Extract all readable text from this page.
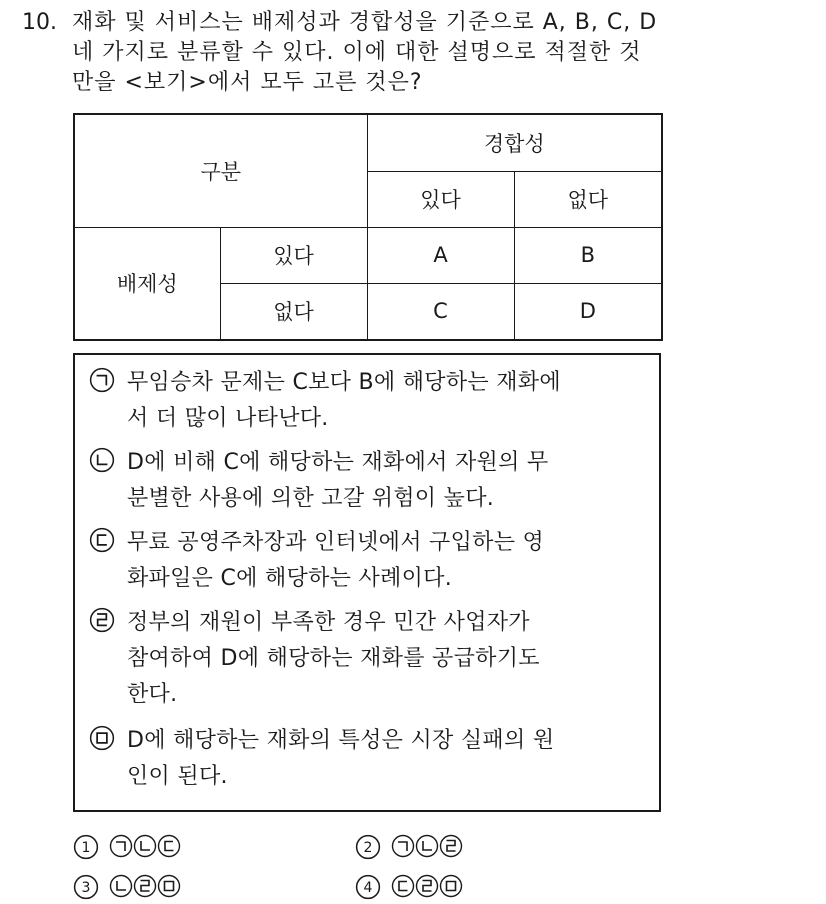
10. 재화 및 서비스는 배제성과 경합성을 기준으로 A, B, C, D
네 가지로 분류할 수 있다. 이에 대한 설명으로 적절한 것
만을 <보기>에서 모두 고른 것은?
구분		경합성	
		있다	없다
배제성	있다	A	B
	없다	C	D
무임승차 문제는 C보다 B에 해당하는 재화에
서 더 많이 나타난다.
D에 비해 C에 해당하는 재화에서 자원의 무
분별한 사용에 의한 고갈 위험이 높다.
무료 공영주차장과 인터넷에서 구입하는 영
화파일은 C에 해당하는 사례이다.
정부의 재원이 부족한 경우 민간 사업자가
참여하여 D에 해당하는 재화를 공급하기도
한다.
D에 해당하는 재화의 특성은 시장 실패의 원
인이 된다.
1	2
3	4
